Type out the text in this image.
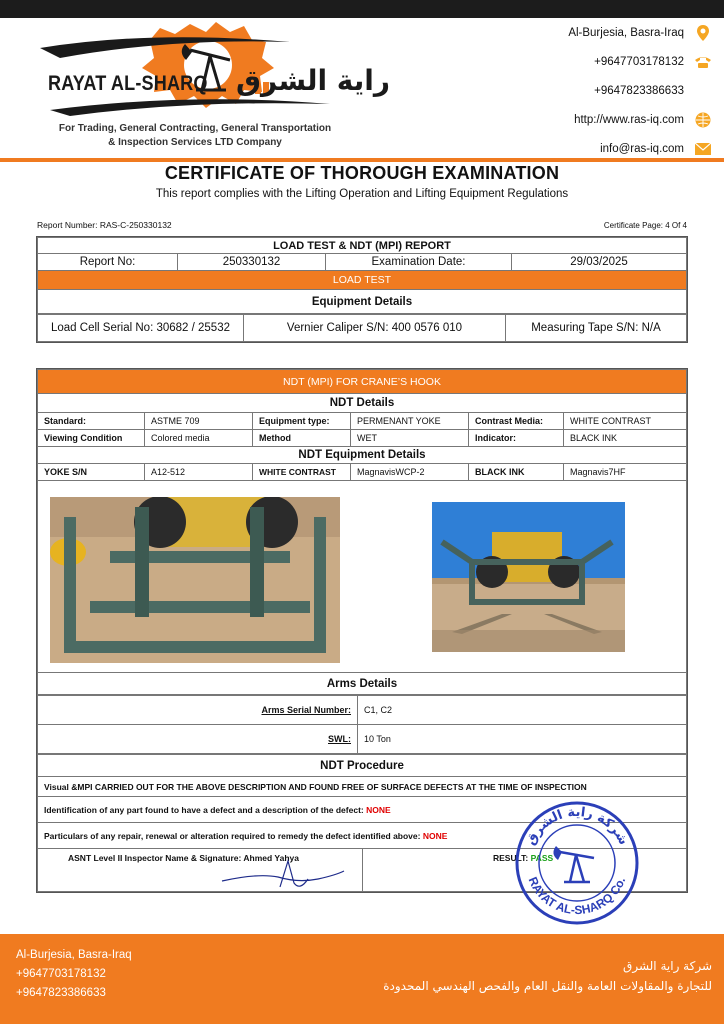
RAYAT AL-SHARQ راية الشرق
For Trading, General Contracting, General Transportation
& Inspection Services LTD Company
Al-Burjesia, Basra-Iraq
+9647703178132
+9647823386633
http://www.ras-iq.com
info@ras-iq.com
CERTIFICATE OF THOROUGH EXAMINATION
This report complies with the Lifting Operation and Lifting Equipment Regulations
Report Number: RAS-C-250330132	Certificate Page: 4 Of 4
LOAD TEST & NDT (MPI) REPORT
Report No:	250330132	Examination Date:	29/03/2025
LOAD TEST
Equipment Details
Load Cell Serial No: 30682 / 25532	Vernier Caliper S/N: 400 0576 010	Measuring Tape S/N: N/A
NDT (MPI) FOR CRANE’S HOOK					
NDT Details					
Standard:	ASTME 709	Equipment type:	PERMENANT YOKE	Contrast Media:	WHITE CONTRAST
Viewing Condition	Colored media	Method	WET	Indicator:	BLACK INK
NDT Equipment Details					
YOKE S/N	A12-512	WHITE CONTRAST	MagnavisWCP-2	BLACK INK	Magnavis7HF

Arms Details					
Arms Serial Number:	C1, C2
SWL:	10 Ton
NDT Procedure
Visual &MPI CARRIED OUT FOR THE ABOVE DESCRIPTION AND FOUND FREE OF SURFACE DEFECTS AT THE TIME OF INSPECTION
Identification of any part found to have a defect and a description of the defect: NONE
Particulars of any repair, renewal or alteration required to remedy the defect identified above: NONE
ASNT Level II Inspector Name & Signature: Ahmed Yahya	RESULT: PASS
شركة راية الشرق
RAYAT AL-SHARQ Co.
Al-Burjesia, Basra-Iraq
+9647703178132
+9647823386633
شركة راية الشرق
للتجارة والمقاولات العامة والنقل العام والفحص الهندسي المحدودة
